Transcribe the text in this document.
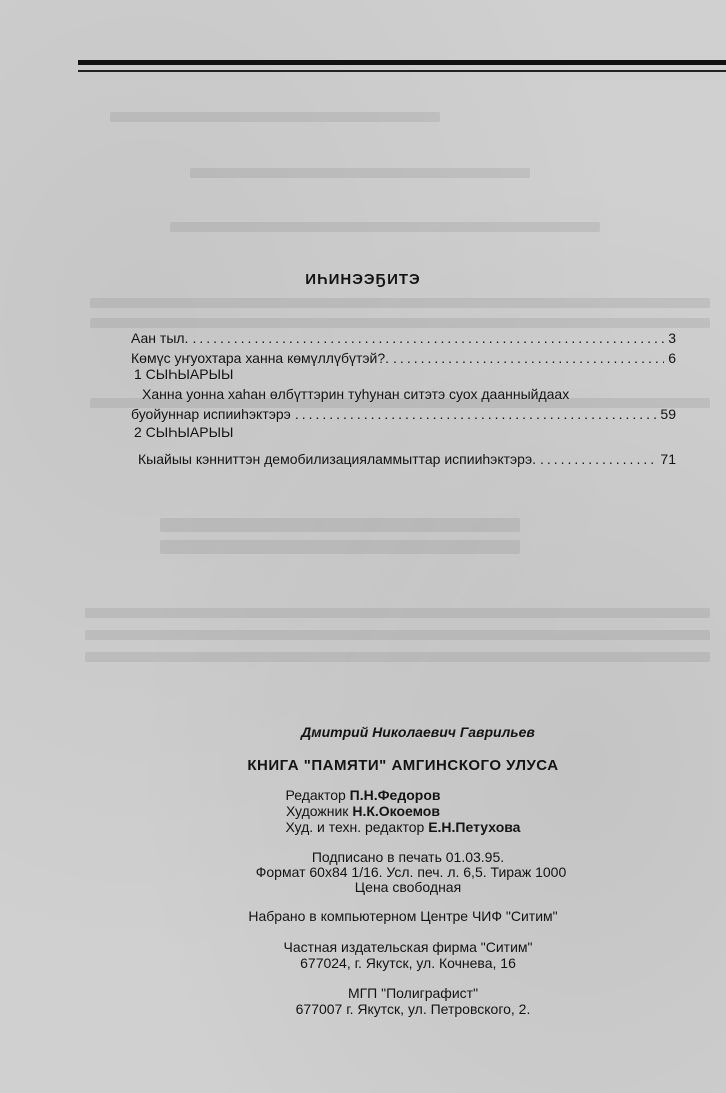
ИҺИНЭЭҔИТЭ
Аан тыл. .....	3
Көмүс уҥуохтара ханна көмүллүбүтэй?. .....	6
1 СЫҺЫАРЫЫ
Ханна уонна хаһан өлбүттэрин туһунан ситэтэ суох даанныйдаах
буойуннар испииһэктэрэ .....	59
2 СЫҺЫАРЫЫ
Кыайыы кэнниттэн демобилизацияламмыттар испииһэктэрэ. .....	71
Дмитрий Николаевич Гаврильев
КНИГА "ПАМЯТИ" АМГИНСКОГО УЛУСА
Редактор П.Н.Федоров
Художник Н.К.Окоемов
Худ. и техн. редактор Е.Н.Петухова
Подписано в печать 01.03.95.
Формат 60х84 1/16. Усл. печ. л. 6,5. Тираж 1000
Цена свободная
Набрано в компьютерном Центре ЧИФ "Ситим"
Частная издательская фирма "Ситим"
677024, г. Якутск, ул. Кочнева, 16
МГП "Полиграфист"
677007 г. Якутск, ул. Петровского, 2.
